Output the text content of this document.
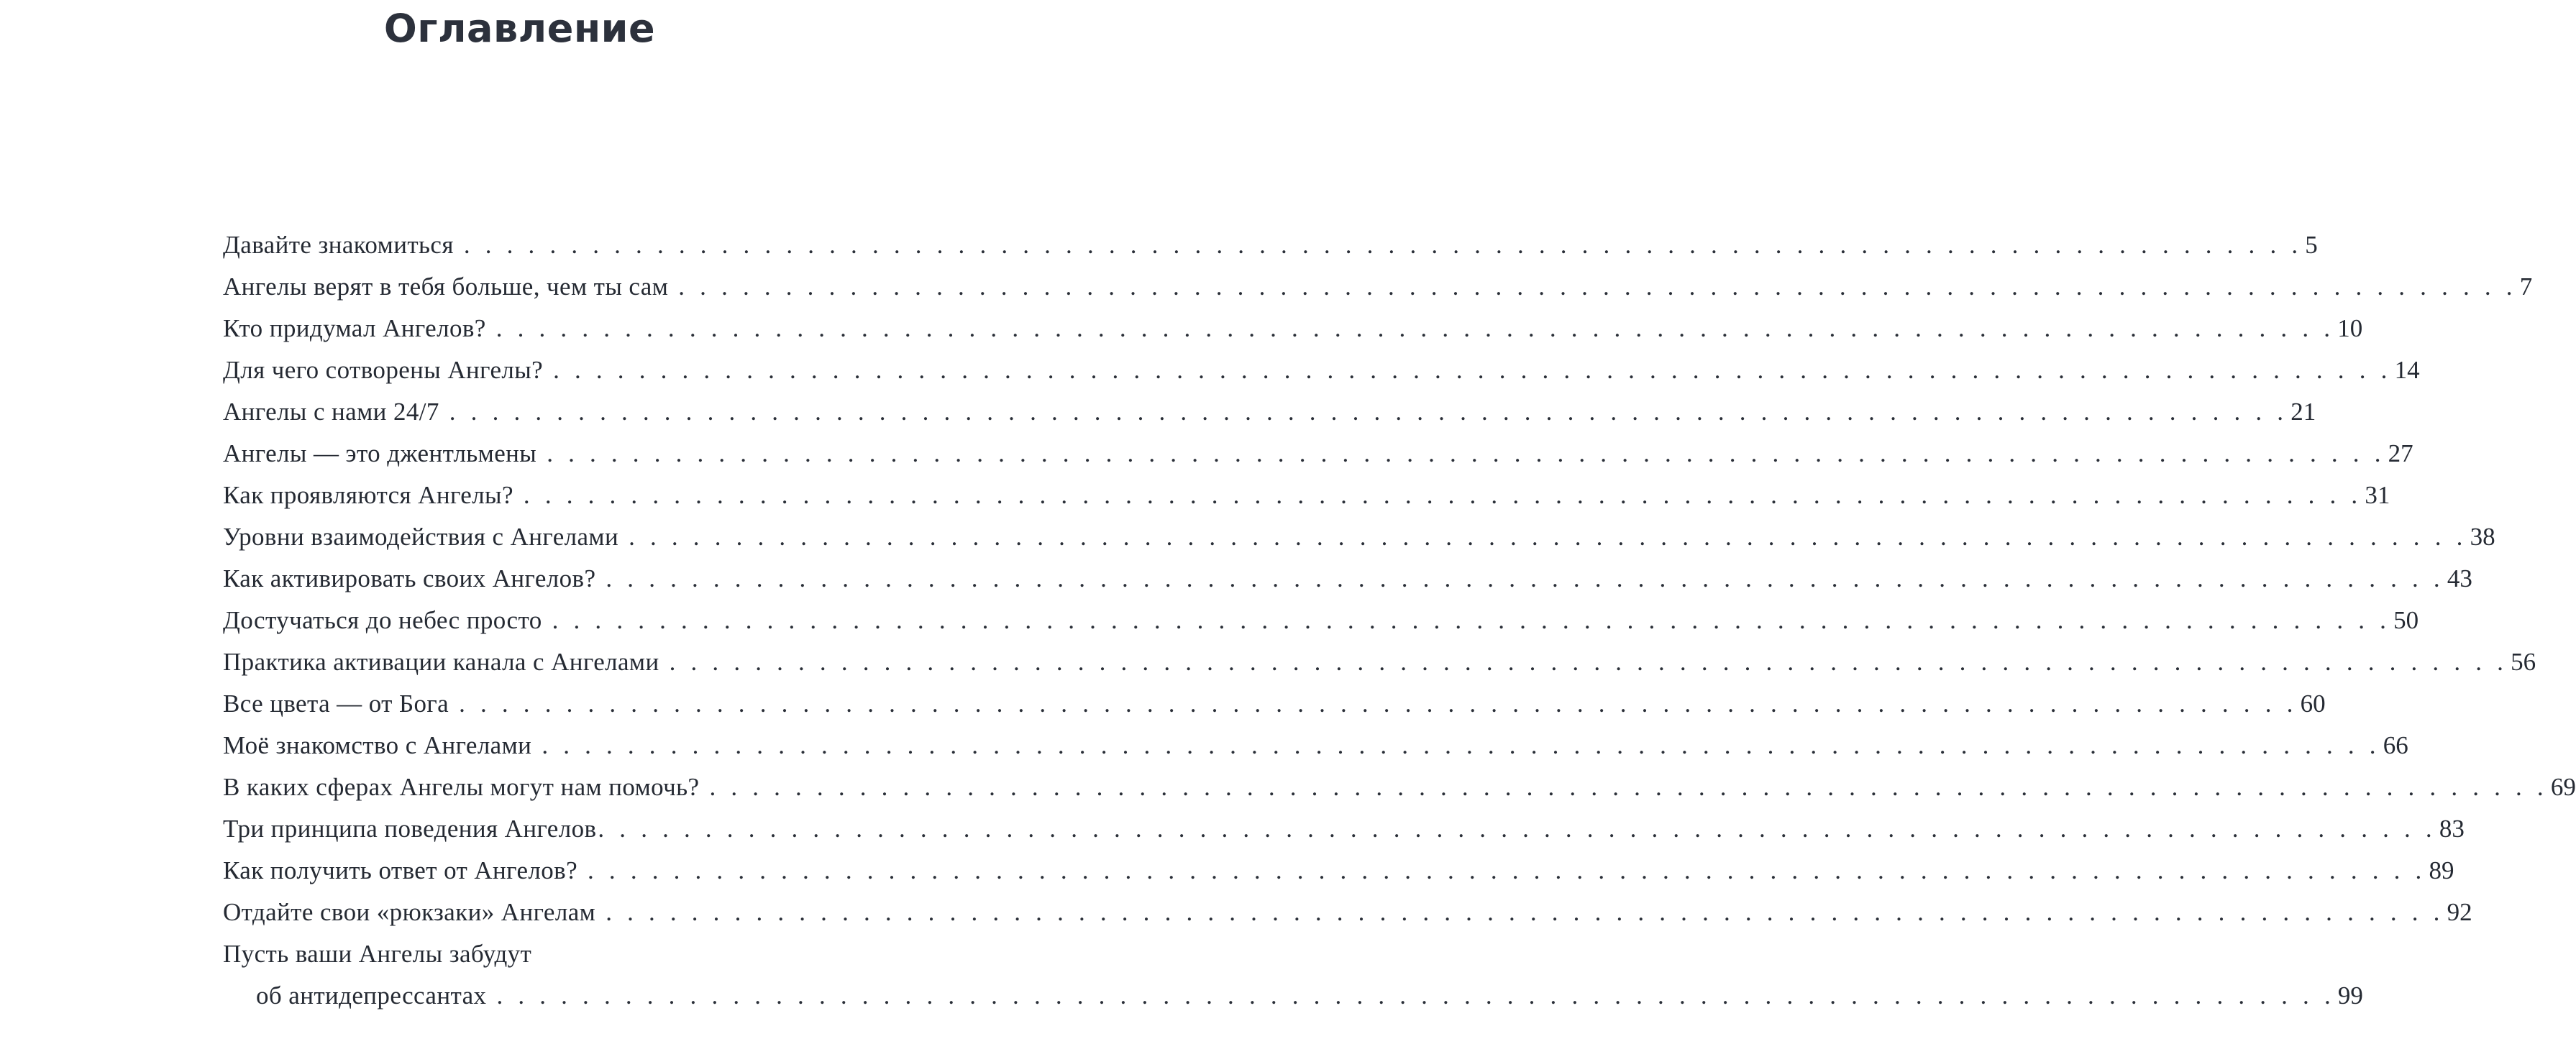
Оглавление
Давайте знакомиться . . . . . . . . . . . . . . . . . . . . . . . . . . . . . . . . . . . . . . . . . . . . . . . . . . . . . . . . . . . . . . . . . . . . . . . . . . . . . . . . . . . . . . 5
Ангелы верят в тебя больше, чем ты сам . . . . . . . . . . . . . . . . . . . . . . . . . . . . . . . . . . . . . . . . . . . . . . . . . . . . . . . . . . . . . . . . . . . . . . . . . . . . . . . . . . . . . . 7
Кто придумал Ангелов? . . . . . . . . . . . . . . . . . . . . . . . . . . . . . . . . . . . . . . . . . . . . . . . . . . . . . . . . . . . . . . . . . . . . . . . . . . . . . . . . . . . . . . 10
Для чего сотворены Ангелы? . . . . . . . . . . . . . . . . . . . . . . . . . . . . . . . . . . . . . . . . . . . . . . . . . . . . . . . . . . . . . . . . . . . . . . . . . . . . . . . . . . . . . . 14
Ангелы с нами 24/7 . . . . . . . . . . . . . . . . . . . . . . . . . . . . . . . . . . . . . . . . . . . . . . . . . . . . . . . . . . . . . . . . . . . . . . . . . . . . . . . . . . . . . . 21
Ангелы — это джентльмены . . . . . . . . . . . . . . . . . . . . . . . . . . . . . . . . . . . . . . . . . . . . . . . . . . . . . . . . . . . . . . . . . . . . . . . . . . . . . . . . . . . . . . 27
Как проявляются Ангелы? . . . . . . . . . . . . . . . . . . . . . . . . . . . . . . . . . . . . . . . . . . . . . . . . . . . . . . . . . . . . . . . . . . . . . . . . . . . . . . . . . . . . . . 31
Уровни взаимодействия с Ангелами . . . . . . . . . . . . . . . . . . . . . . . . . . . . . . . . . . . . . . . . . . . . . . . . . . . . . . . . . . . . . . . . . . . . . . . . . . . . . . . . . . . . . . 38
Как активировать своих Ангелов? . . . . . . . . . . . . . . . . . . . . . . . . . . . . . . . . . . . . . . . . . . . . . . . . . . . . . . . . . . . . . . . . . . . . . . . . . . . . . . . . . . . . . . 43
Достучаться до небес просто . . . . . . . . . . . . . . . . . . . . . . . . . . . . . . . . . . . . . . . . . . . . . . . . . . . . . . . . . . . . . . . . . . . . . . . . . . . . . . . . . . . . . . 50
Практика активации канала с Ангелами . . . . . . . . . . . . . . . . . . . . . . . . . . . . . . . . . . . . . . . . . . . . . . . . . . . . . . . . . . . . . . . . . . . . . . . . . . . . . . . . . . . . . . 56
Все цвета — от Бога . . . . . . . . . . . . . . . . . . . . . . . . . . . . . . . . . . . . . . . . . . . . . . . . . . . . . . . . . . . . . . . . . . . . . . . . . . . . . . . . . . . . . . 60
Моё знакомство с Ангелами . . . . . . . . . . . . . . . . . . . . . . . . . . . . . . . . . . . . . . . . . . . . . . . . . . . . . . . . . . . . . . . . . . . . . . . . . . . . . . . . . . . . . . 66
В каких сферах Ангелы могут нам помочь? . . . . . . . . . . . . . . . . . . . . . . . . . . . . . . . . . . . . . . . . . . . . . . . . . . . . . . . . . . . . . . . . . . . . . . . . . . . . . . . . . . . . . . 69
Три принципа поведения Ангелов . . . . . . . . . . . . . . . . . . . . . . . . . . . . . . . . . . . . . . . . . . . . . . . . . . . . . . . . . . . . . . . . . . . . . . . . . . . . . . . . . . . . . . 83
Как получить ответ от Ангелов? . . . . . . . . . . . . . . . . . . . . . . . . . . . . . . . . . . . . . . . . . . . . . . . . . . . . . . . . . . . . . . . . . . . . . . . . . . . . . . . . . . . . . . 89
Отдайте свои «рюкзаки» Ангелам . . . . . . . . . . . . . . . . . . . . . . . . . . . . . . . . . . . . . . . . . . . . . . . . . . . . . . . . . . . . . . . . . . . . . . . . . . . . . . . . . . . . . . 92
Пусть ваши Ангелы забудут
об антидепрессантах . . . . . . . . . . . . . . . . . . . . . . . . . . . . . . . . . . . . . . . . . . . . . . . . . . . . . . . . . . . . . . . . . . . . . . . . . . . . . . . . . . . . . . 99
